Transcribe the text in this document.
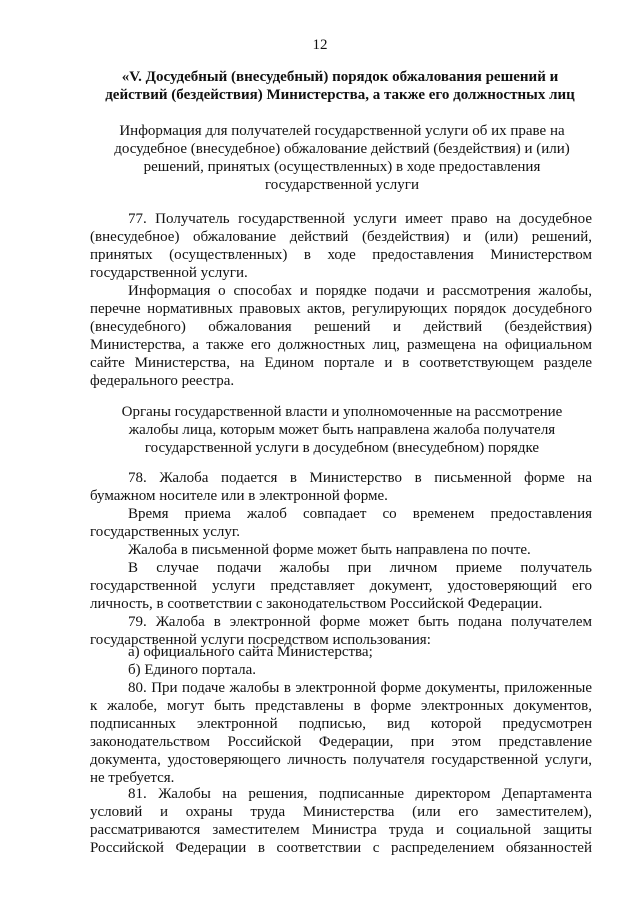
12
«V. Досудебный (внесудебный) порядок обжалования решений и
действий (бездействия) Министерства, а также его должностных лиц
Информация для получателей государственной услуги об их праве на
досудебное (внесудебное) обжалование действий (бездействия) и (или)
решений, принятых (осуществленных) в ходе предоставления
государственной услуги
77. Получатель государственной услуги имеет право на досудебное
(внесудебное) обжалование действий (бездействия) и (или) решений,
принятых (осуществленных) в ходе предоставления Министерством
государственной услуги.
Информация о способах и порядке подачи и рассмотрения жалобы,
перечне нормативных правовых актов, регулирующих порядок досудебного
(внесудебного) обжалования решений и действий (бездействия)
Министерства, а также его должностных лиц, размещена на официальном
сайте Министерства, на Едином портале и в соответствующем разделе
федерального реестра.
Органы государственной власти и уполномоченные на рассмотрение
жалобы лица, которым может быть направлена жалоба получателя
государственной услуги в досудебном (внесудебном) порядке
78. Жалоба подается в Министерство в письменной форме на
бумажном носителе или в электронной форме.
Время приема жалоб совпадает со временем предоставления
государственных услуг.
Жалоба в письменной форме может быть направлена по почте.
В случае подачи жалобы при личном приеме получатель
государственной услуги представляет документ, удостоверяющий его
личность, в соответствии с законодательством Российской Федерации.
79. Жалоба в электронной форме может быть подана получателем
государственной услуги посредством использования:
а) официального сайта Министерства;
б) Единого портала.
80. При подаче жалобы в электронной форме документы, приложенные
к жалобе, могут быть представлены в форме электронных документов,
подписанных электронной подписью, вид которой предусмотрен
законодательством Российской Федерации, при этом представление
документа, удостоверяющего личность получателя государственной услуги,
не требуется.
81. Жалобы на решения, подписанные директором Департамента
условий и охраны труда Министерства (или его заместителем),
рассматриваются заместителем Министра труда и социальной защиты
Российской Федерации в соответствии с распределением обязанностей
